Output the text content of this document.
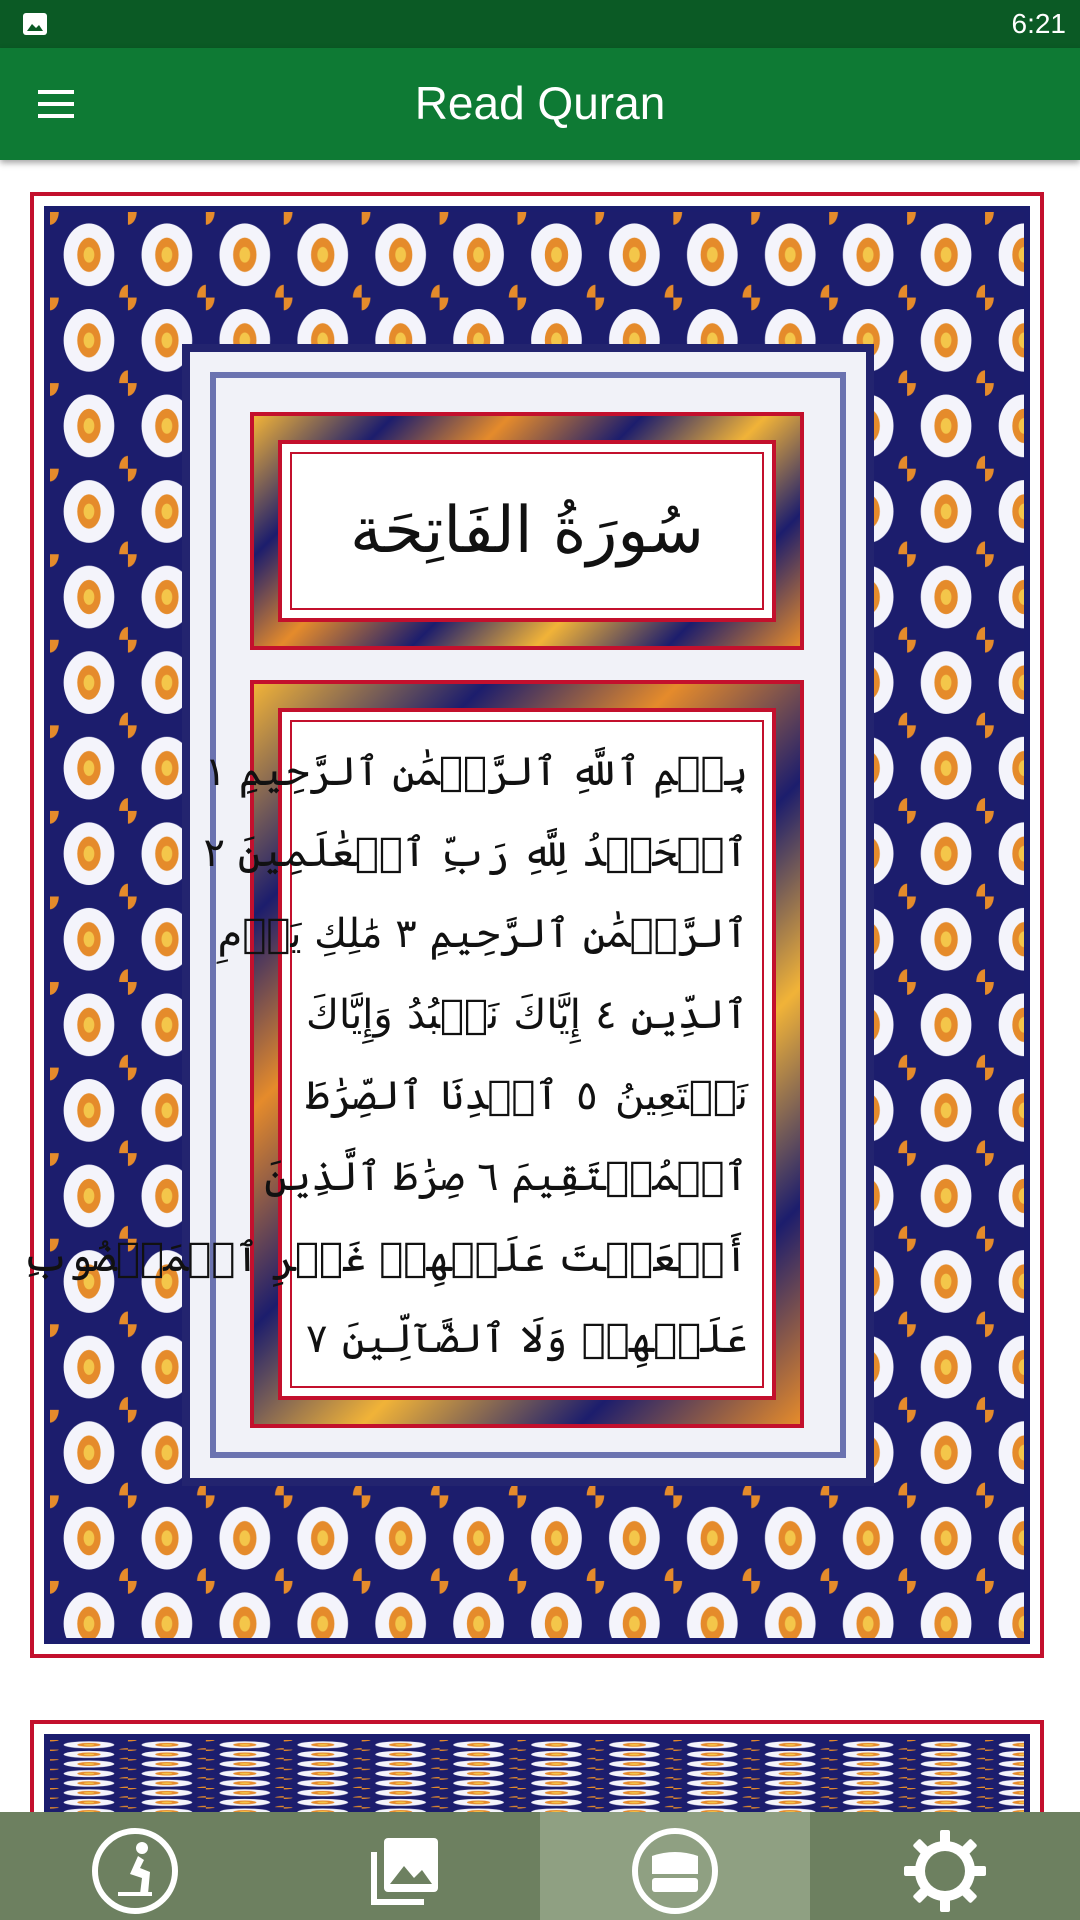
6:21
Read Quran
سُورَةُ الفَاتِحَة
بِسۡمِ ٱللَّهِ ٱلرَّحۡمَٰنِ ٱلرَّحِيمِ ١
ٱلۡحَمۡدُ لِلَّهِ رَبِّ ٱلۡعَٰلَمِينَ ٢
ٱلرَّحۡمَٰنِ ٱلرَّحِيمِ ٣ مَٰلِكِ يَوۡمِ
ٱلدِّينِ ٤ إِيَّاكَ نَعۡبُدُ وَإِيَّاكَ
نَسۡتَعِينُ ٥ ٱهۡدِنَا ٱلصِّرَٰطَ
ٱلۡمُسۡتَقِيمَ ٦ صِرَٰطَ ٱلَّذِينَ
أَنۡعَمۡتَ عَلَيۡهِمۡ غَيۡرِ ٱلۡمَغۡضُوبِ
عَلَيۡهِمۡ وَلَا ٱلضَّآلِّينَ ٧
